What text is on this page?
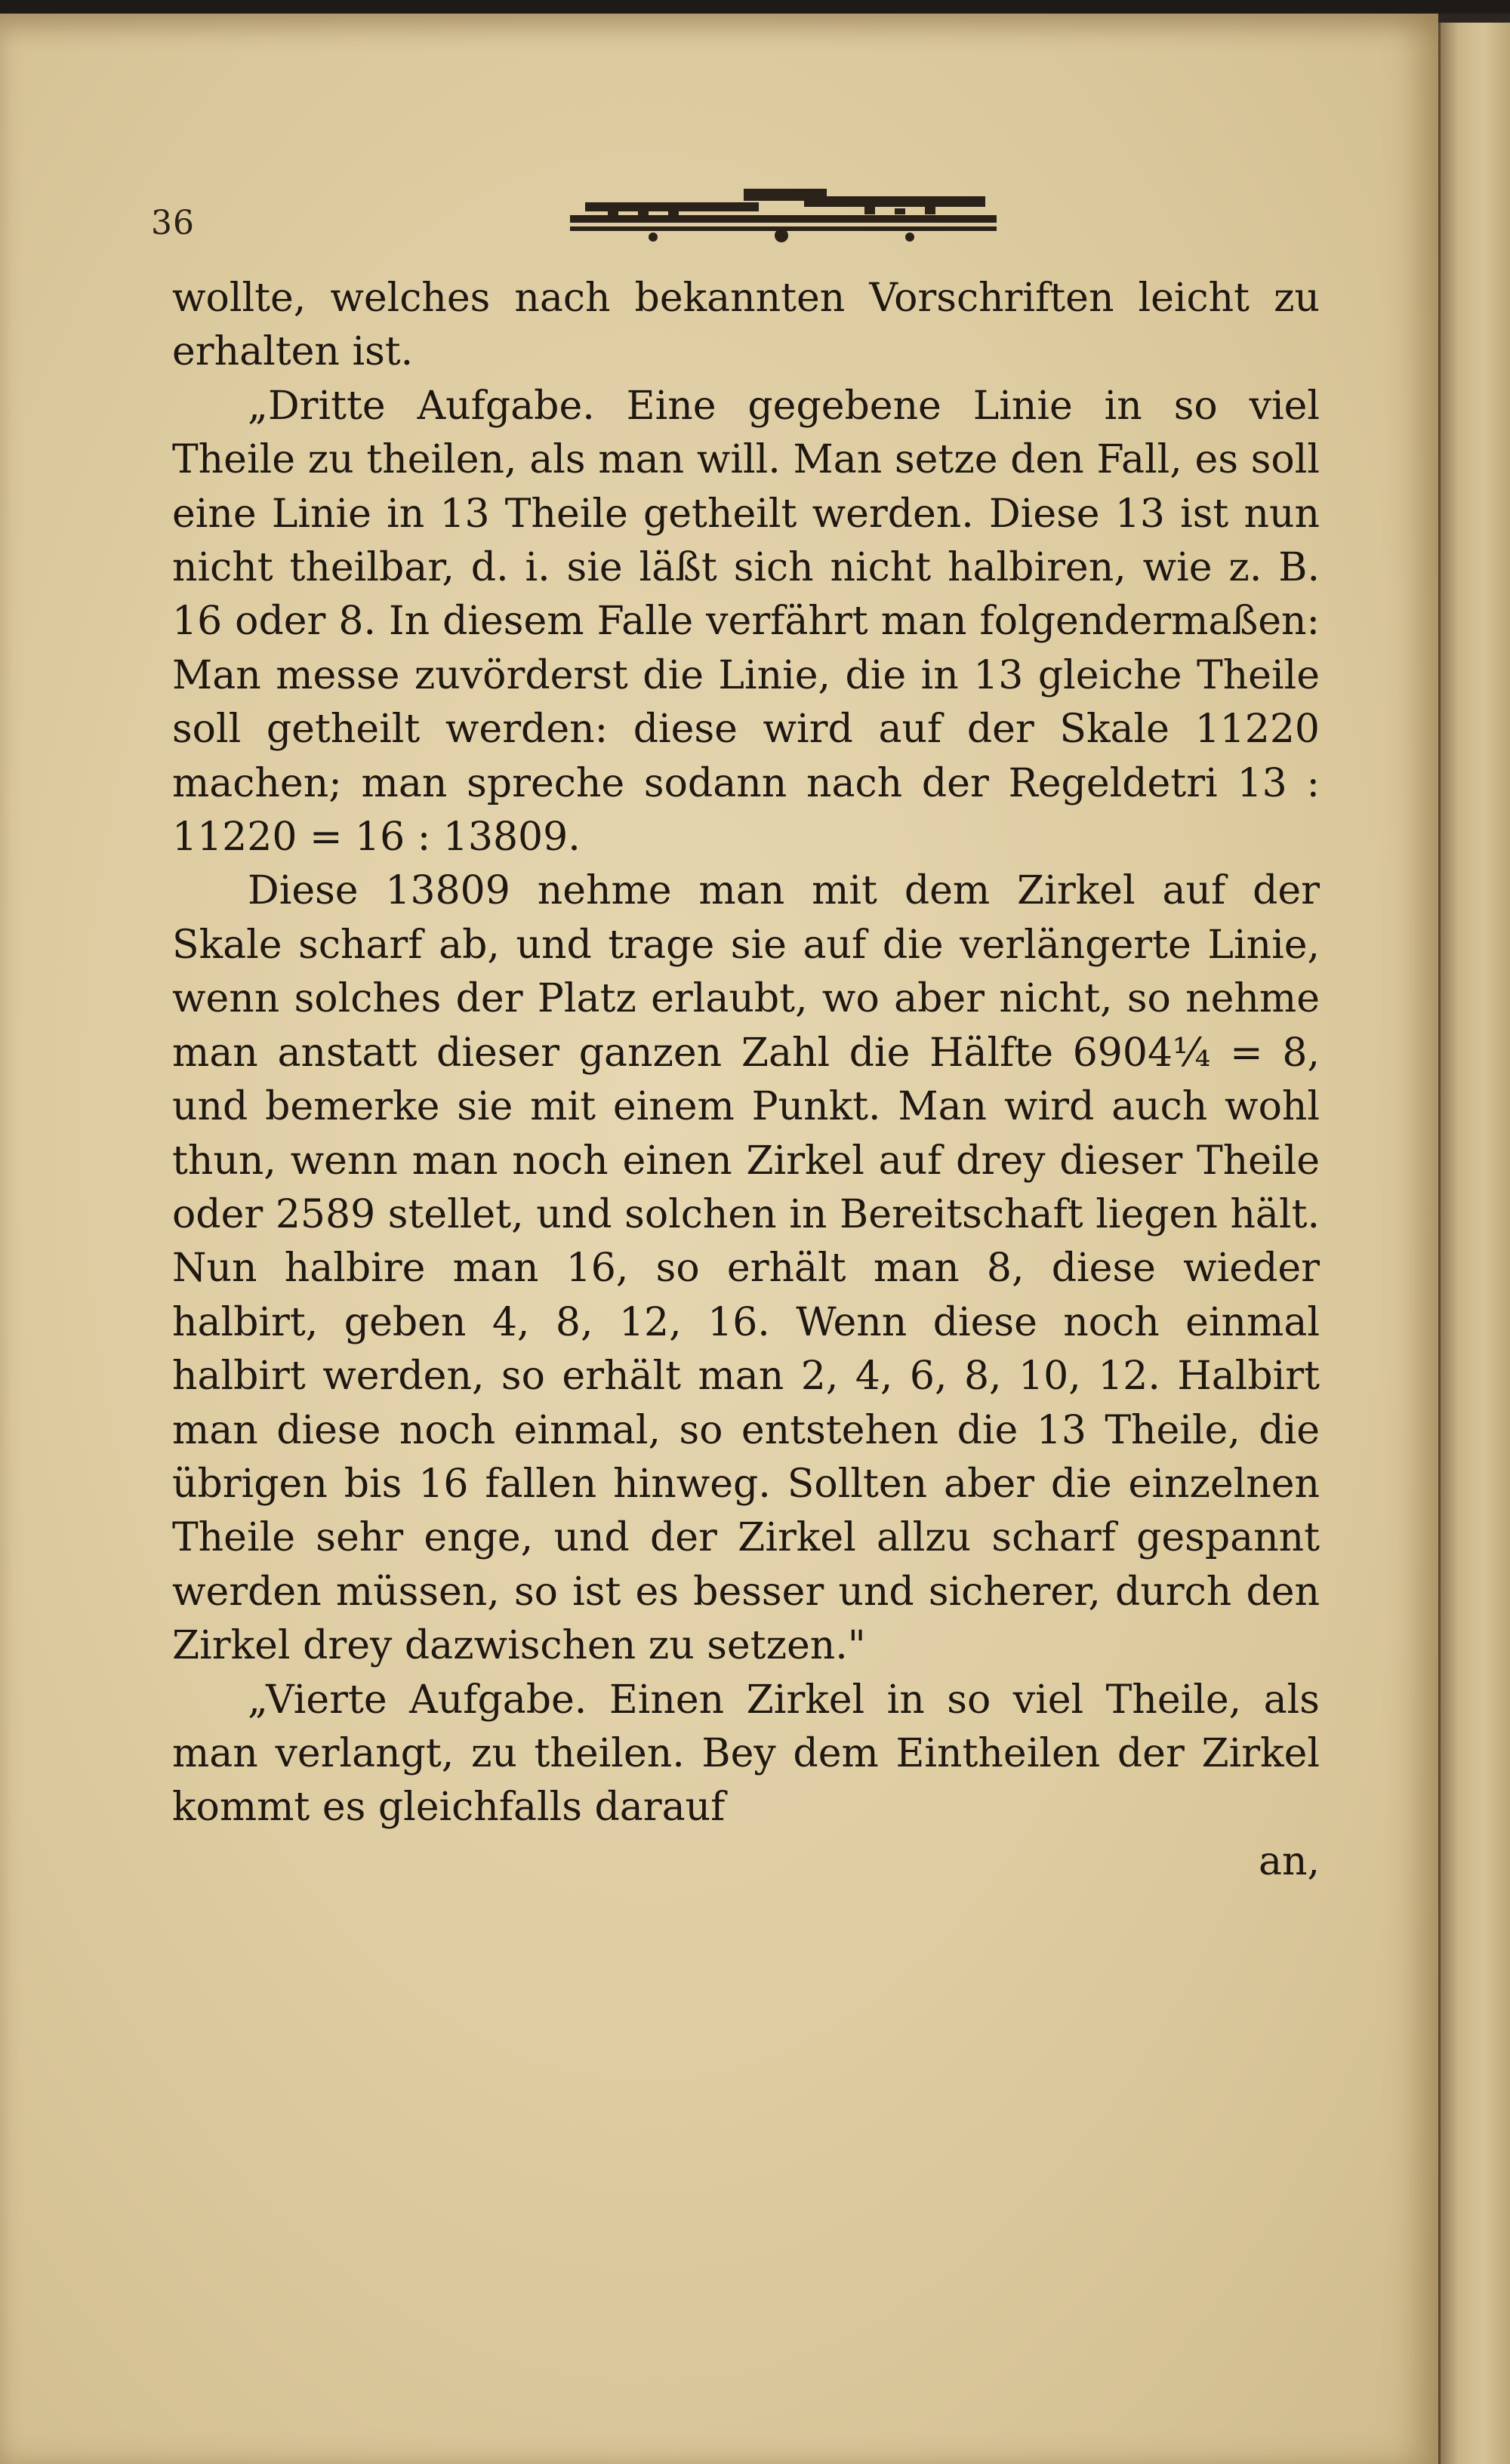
36

wollte, welches nach bekannten Vorschriften leicht zu erhalten ist.

„Dritte Aufgabe. Eine gegebene Linie in so viel Theile zu theilen, als man will. Man setze den Fall, es soll eine Linie in 13 Theile getheilt werden. Diese 13 ist nun nicht theilbar, d. i. sie läßt sich nicht halbiren, wie z. B. 16 oder 8. In diesem Falle verfährt man folgendermaßen: Man messe zuvörderst die Linie, die in 13 gleiche Theile soll getheilt werden: diese wird auf der Skale 11220 machen; man spreche sodann nach der Regeldetri 13 : 11220 = 16 : 13809.

Diese 13809 nehme man mit dem Zirkel auf der Skale scharf ab, und trage sie auf die verlängerte Linie, wenn solches der Platz erlaubt, wo aber nicht, so nehme man anstatt dieser ganzen Zahl die Hälfte 6904¼ = 8, und bemerke sie mit einem Punkt. Man wird auch wohl thun, wenn man noch einen Zirkel auf drey dieser Theile oder 2589 stellet, und solchen in Bereitschaft liegen hält. Nun halbire man 16, so erhält man 8, diese wieder halbirt, geben 4, 8, 12, 16. Wenn diese noch einmal halbirt werden, so erhält man 2, 4, 6, 8, 10, 12. Halbirt man diese noch einmal, so entstehen die 13 Theile, die übrigen bis 16 fallen hinweg. Sollten aber die einzelnen Theile sehr enge, und der Zirkel allzu scharf gespannt werden müssen, so ist es besser und sicherer, durch den Zirkel drey dazwischen zu setzen."

„Vierte Aufgabe. Einen Zirkel in so viel Theile, als man verlangt, zu theilen. Bey dem Eintheilen der Zirkel kommt es gleichfalls darauf

an,
